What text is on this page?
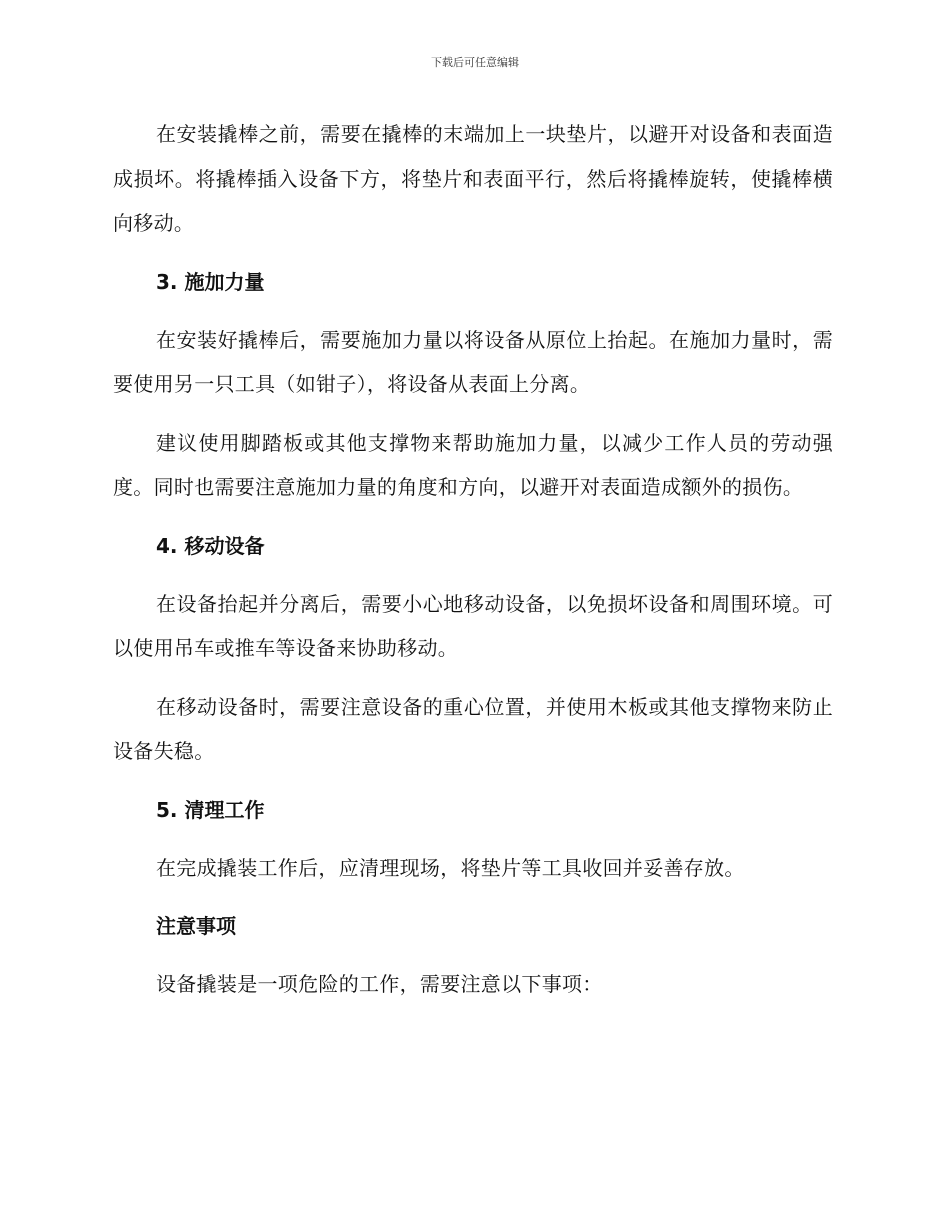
下载后可任意编辑

在安装撬棒之前，需要在撬棒的末端加上一块垫片，以避开对设备和表面造成损坏。将撬棒插入设备下方，将垫片和表面平行，然后将撬棒旋转，使撬棒横向移动。

3. 施加力量

在安装好撬棒后，需要施加力量以将设备从原位上抬起。在施加力量时，需要使用另一只工具（如钳子），将设备从表面上分离。

建议使用脚踏板或其他支撑物来帮助施加力量，以减少工作人员的劳动强度。同时也需要注意施加力量的角度和方向，以避开对表面造成额外的损伤。

4. 移动设备

在设备抬起并分离后，需要小心地移动设备，以免损坏设备和周围环境。可以使用吊车或推车等设备来协助移动。

在移动设备时，需要注意设备的重心位置，并使用木板或其他支撑物来防止设备失稳。

5. 清理工作

在完成撬装工作后，应清理现场，将垫片等工具收回并妥善存放。

注意事项

设备撬装是一项危险的工作，需要注意以下事项：
